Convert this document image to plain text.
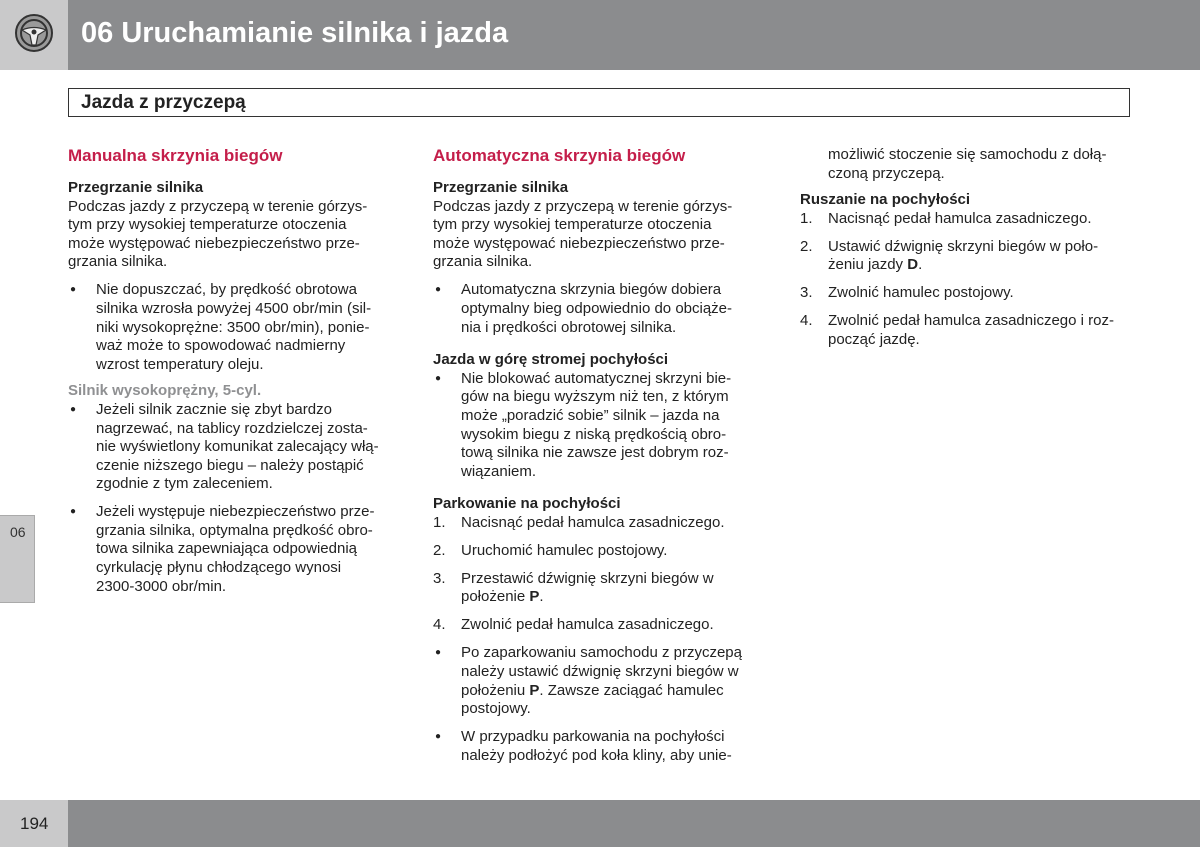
06 Uruchamianie silnika i jazda
Jazda z przyczepą
Manualna skrzynia biegów
Przegrzanie silnika
Podczas jazdy z przyczepą w terenie górzys-
tym przy wysokiej temperaturze otoczenia
może występować niebezpieczeństwo prze-
grzania silnika.
● Nie dopuszczać, by prędkość obrotowa
silnika wzrosła powyżej 4500 obr/min (sil-
niki wysokoprężne: 3500 obr/min), ponie-
waż może to spowodować nadmierny
wzrost temperatury oleju.
Silnik wysokoprężny, 5-cyl.
● Jeżeli silnik zacznie się zbyt bardzo
nagrzewać, na tablicy rozdzielczej zosta-
nie wyświetlony komunikat zalecający włą-
czenie niższego biegu – należy postąpić
zgodnie z tym zaleceniem.
● Jeżeli występuje niebezpieczeństwo prze-
grzania silnika, optymalna prędkość obro-
towa silnika zapewniająca odpowiednią
cyrkulację płynu chłodzącego wynosi
2300-3000 obr/min.
Automatyczna skrzynia biegów
Przegrzanie silnika
Podczas jazdy z przyczepą w terenie górzys-
tym przy wysokiej temperaturze otoczenia
może występować niebezpieczeństwo prze-
grzania silnika.
● Automatyczna skrzynia biegów dobiera
optymalny bieg odpowiednio do obciąże-
nia i prędkości obrotowej silnika.
Jazda w górę stromej pochyłości
● Nie blokować automatycznej skrzyni bie-
gów na biegu wyższym niż ten, z którym
może „poradzić sobie” silnik – jazda na
wysokim biegu z niską prędkością obro-
tową silnika nie zawsze jest dobrym roz-
wiązaniem.
Parkowanie na pochyłości
1. Nacisnąć pedał hamulca zasadniczego.
2. Uruchomić hamulec postojowy.
3. Przestawić dźwignię skrzyni biegów w
położenie P.
4. Zwolnić pedał hamulca zasadniczego.
● Po zaparkowaniu samochodu z przyczepą
należy ustawić dźwignię skrzyni biegów w
położeniu P. Zawsze zaciągać hamulec
postojowy.
● W przypadku parkowania na pochyłości
należy podłożyć pod koła kliny, aby unie-
możliwić stoczenie się samochodu z dołą-
czoną przyczepą.
Ruszanie na pochyłości
1. Nacisnąć pedał hamulca zasadniczego.
2. Ustawić dźwignię skrzyni biegów w poło-
żeniu jazdy D.
3. Zwolnić hamulec postojowy.
4. Zwolnić pedał hamulca zasadniczego i roz-
począć jazdę.
06
194
